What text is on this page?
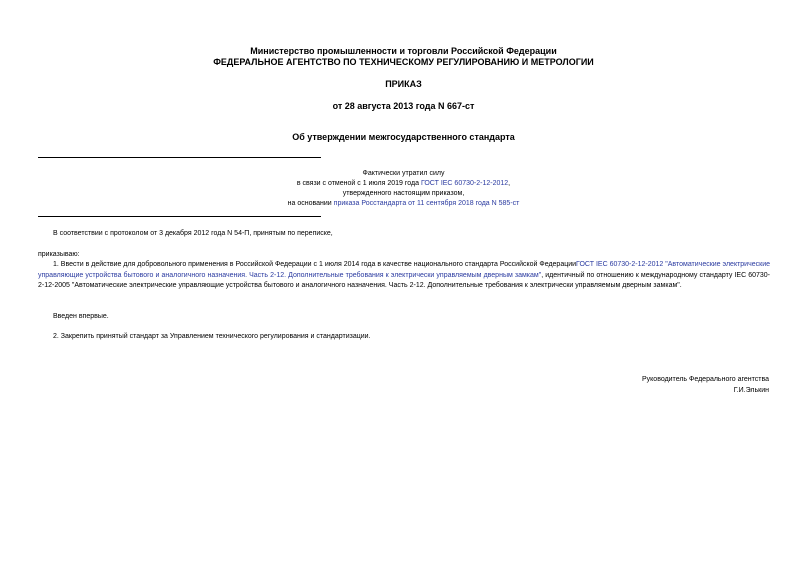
Министерство промышленности и торговли Российской Федерации
ФЕДЕРАЛЬНОЕ АГЕНТСТВО ПО ТЕХНИЧЕСКОМУ РЕГУЛИРОВАНИЮ И МЕТРОЛОГИИ
ПРИКАЗ
от 28 августа 2013 года N 667-ст
Об утверждении межгосударственного стандарта
Фактически утратил силу
в связи с отменой с 1 июля 2019 года ГОСТ IEC 60730-2-12-2012,
утвержденного настоящим приказом,
на основании приказа Росстандарта от 11 сентября 2018 года N 585-ст
В соответствии с протоколом от 3 декабря 2012 года N 54-П, принятым по переписке,
приказываю:
1. Ввести в действие для добровольного применения в Российской Федерации с 1 июля 2014 года в качестве национального стандарта Российской ФедерацииГОСТ IEC 60730-2-12-2012 "Автоматические электрические управляющие устройства бытового и аналогичного назначения. Часть 2-12. Дополнительные требования к электрически управляемым дверным замкам", идентичный по отношению к международному стандарту IEC 60730-2-12-2005 "Автоматические электрические управляющие устройства бытового и аналогичного назначения. Часть 2-12. Дополнительные требования к электрически управляемым дверным замкам".
Введен впервые.
2. Закрепить принятый стандарт за Управлением технического регулирования и стандартизации.
Руководитель Федерального агентства
Г.И.Элькин
